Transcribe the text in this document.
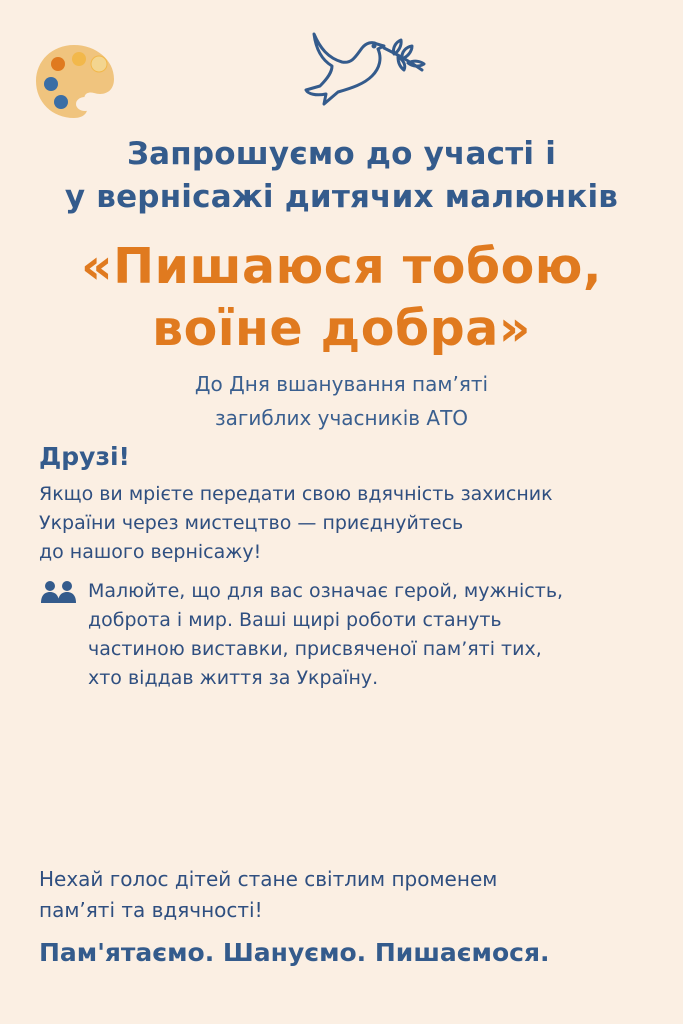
Запрошуємо до участі і
у вернісажі дитячих малюнків
«Пишаюся тобою,
воїне добра»
До Дня вшанування пам’яті
загиблих учасників АТО
Друзі!
Якщо ви мрієте передати свою вдячність захисник
України через мистецтво — приєднуйтесь
до нашого вернісажу!
Малюйте, що для вас означає герой, мужність,
доброта і мир. Ваші щирі роботи стануть
частиною виставки, присвяченої пам’яті тих,
хто віддав життя за Україну.
Нехай голос дітей стане світлим променем
пам’яті та вдячності!
Пам'ятаємо. Шануємо. Пишаємося.
